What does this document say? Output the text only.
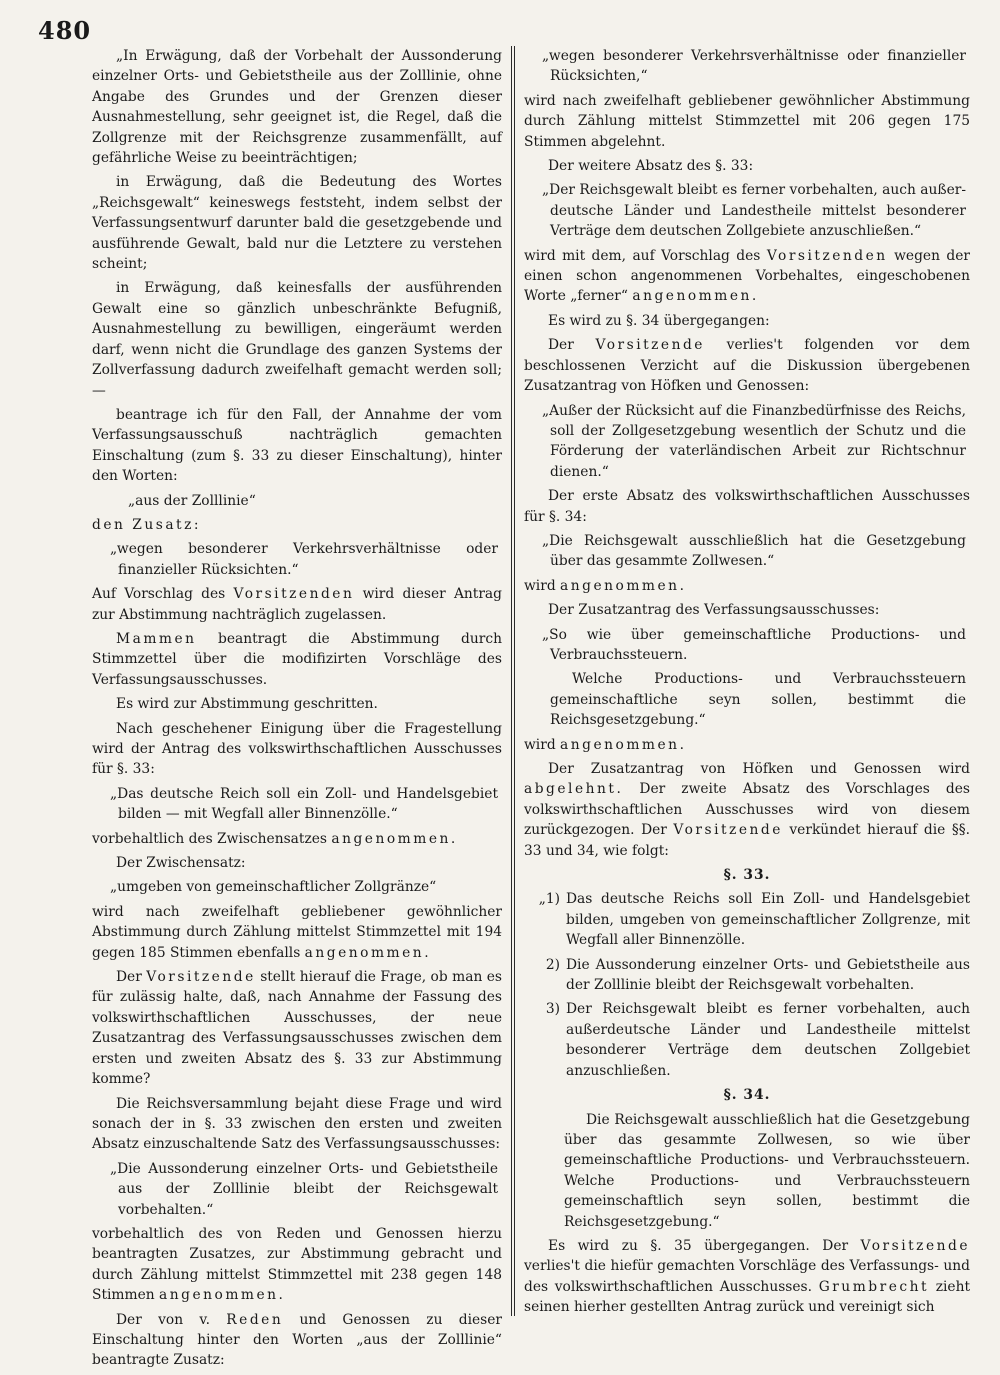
480

„In Erwägung, daß der Vorbehalt der Aussonderung einzelner Orts- und Gebietstheile aus der Zolllinie, ohne Angabe des Grundes und der Grenzen dieser Ausnahmestellung, sehr geeignet ist, die Regel, daß die Zollgrenze mit der Reichsgrenze zusammenfällt, auf gefährliche Weise zu beeinträchtigen;

in Erwägung, daß die Bedeutung des Wortes „Reichsgewalt“ keineswegs feststeht, indem selbst der Verfassungsentwurf darunter bald die gesetzgebende und ausführende Gewalt, bald nur die Letztere zu verstehen scheint;

in Erwägung, daß keinesfalls der ausführenden Gewalt eine so gänzlich unbeschränkte Befugniß, Ausnahmestellung zu bewilligen, eingeräumt werden darf, wenn nicht die Grundlage des ganzen Systems der Zollverfassung dadurch zweifelhaft gemacht werden soll; —

beantrage ich für den Fall, der Annahme der vom Verfassungsausschuß nachträglich gemachten Einschaltung (zum §. 33 zu dieser Einschaltung), hinter den Worten:

„aus der Zolllinie“

den Zusatz:

„wegen besonderer Verkehrsverhältnisse oder finanzieller Rücksichten.“

Auf Vorschlag des Vorsitzenden wird dieser Antrag zur Abstimmung nachträglich zugelassen.

Mammen beantragt die Abstimmung durch Stimmzettel über die modifizirten Vorschläge des Verfassungsausschusses.

Es wird zur Abstimmung geschritten.

Nach geschehener Einigung über die Fragestellung wird der Antrag des volkswirthschaftlichen Ausschusses für §. 33:

„Das deutsche Reich soll ein Zoll- und Handelsgebiet bilden — mit Wegfall aller Binnenzölle.“

vorbehaltlich des Zwischensatzes angenommen.

Der Zwischensatz:

„umgeben von gemeinschaftlicher Zollgränze“

wird nach zweifelhaft gebliebener gewöhnlicher Abstimmung durch Zählung mittelst Stimmzettel mit 194 gegen 185 Stimmen ebenfalls angenommen.

Der Vorsitzende stellt hierauf die Frage, ob man es für zulässig halte, daß, nach Annahme der Fassung des volkswirthschaftlichen Ausschusses, der neue Zusatzantrag des Verfassungsausschusses zwischen dem ersten und zweiten Absatz des §. 33 zur Abstimmung komme?

Die Reichsversammlung bejaht diese Frage und wird sonach der in §. 33 zwischen den ersten und zweiten Absatz einzuschaltende Satz des Verfassungsausschusses:

„Die Aussonderung einzelner Orts- und Gebietstheile aus der Zolllinie bleibt der Reichsgewalt vorbehalten.“

vorbehaltlich des von Reden und Genossen hierzu beantragten Zusatzes, zur Abstimmung gebracht und durch Zählung mittelst Stimmzettel mit 238 gegen 148 Stimmen angenommen.

Der von v. Reden und Genossen zu dieser Einschaltung hinter den Worten „aus der Zolllinie“ beantragte Zusatz:

„wegen besonderer Verkehrsverhältnisse oder finanzieller Rücksichten,“

wird nach zweifelhaft gebliebener gewöhnlicher Abstimmung durch Zählung mittelst Stimmzettel mit 206 gegen 175 Stimmen abgelehnt.

Der weitere Absatz des §. 33:

„Der Reichsgewalt bleibt es ferner vorbehalten, auch außer-deutsche Länder und Landestheile mittelst besonderer Verträge dem deutschen Zollgebiete anzuschließen.“

wird mit dem, auf Vorschlag des Vorsitzenden wegen der einen schon angenommenen Vorbehaltes, eingeschobenen Worte „ferner“ angenommen.

Es wird zu §. 34 übergegangen:

Der Vorsitzende verlies't folgenden vor dem beschlossenen Verzicht auf die Diskussion übergebenen Zusatzantrag von Höfken und Genossen:

„Außer der Rücksicht auf die Finanzbedürfnisse des Reichs, soll der Zollgesetzgebung wesentlich der Schutz und die Förderung der vaterländischen Arbeit zur Richtschnur dienen.“

Der erste Absatz des volkswirthschaftlichen Ausschusses für §. 34:

„Die Reichsgewalt ausschließlich hat die Gesetzgebung über das gesammte Zollwesen.“

wird angenommen.

Der Zusatzantrag des Verfassungsausschusses:

„So wie über gemeinschaftliche Productions- und Verbrauchssteuern.

Welche Productions- und Verbrauchssteuern gemeinschaftliche seyn sollen, bestimmt die Reichsgesetzgebung.“

wird angenommen.

Der Zusatzantrag von Höfken und Genossen wird abgelehnt. Der zweite Absatz des Vorschlages des volkswirthschaftlichen Ausschusses wird von diesem zurückgezogen. Der Vorsitzende verkündet hierauf die §§. 33 und 34, wie folgt:

§. 33.
„1) Das deutsche Reichs soll Ein Zoll- und Handelsgebiet bilden, umgeben von gemeinschaftlicher Zollgrenze, mit Wegfall aller Binnenzölle.
2) Die Aussonderung einzelner Orts- und Gebietstheile aus der Zolllinie bleibt der Reichsgewalt vorbehalten.
3) Der Reichsgewalt bleibt es ferner vorbehalten, auch außerdeutsche Länder und Landestheile mittelst besonderer Verträge dem deutschen Zollgebiet anzuschließen.
§. 34.

Die Reichsgewalt ausschließlich hat die Gesetzgebung über das gesammte Zollwesen, so wie über gemeinschaftliche Productions- und Verbrauchssteuern. Welche Productions- und Verbrauchssteuern gemeinschaftlich seyn sollen, bestimmt die Reichsgesetzgebung.“

Es wird zu §. 35 übergegangen. Der Vorsitzende verlies't die hiefür gemachten Vorschläge des Verfassungs- und des volkswirthschaftlichen Ausschusses. Grumbrecht zieht seinen hierher gestellten Antrag zurück und vereinigt sich
